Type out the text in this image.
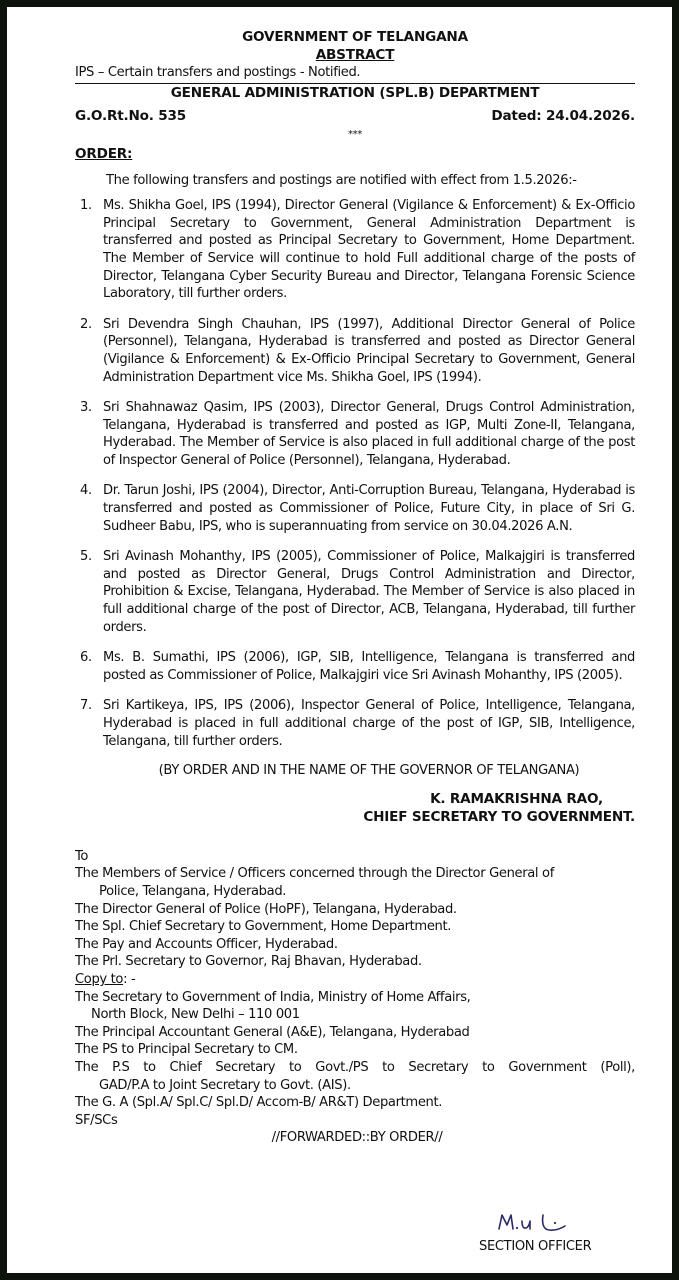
GOVERNMENT OF TELANGANA
ABSTRACT
IPS – Certain transfers and postings - Notified.
GENERAL ADMINISTRATION (SPL.B) DEPARTMENT
G.O.Rt.No. 535	Dated: 24.04.2026.
***
ORDER:
The following transfers and postings are notified with effect from 1.5.2026:-
1. Ms. Shikha Goel, IPS (1994), Director General (Vigilance & Enforcement) & Ex-Officio Principal Secretary to Government, General Administration Department is transferred and posted as Principal Secretary to Government, Home Department. The Member of Service will continue to hold Full additional charge of the posts of Director, Telangana Cyber Security Bureau and Director, Telangana Forensic Science Laboratory, till further orders.
2. Sri Devendra Singh Chauhan, IPS (1997), Additional Director General of Police (Personnel), Telangana, Hyderabad is transferred and posted as Director General (Vigilance & Enforcement) & Ex-Officio Principal Secretary to Government, General Administration Department vice Ms. Shikha Goel, IPS (1994).
3. Sri Shahnawaz Qasim, IPS (2003), Director General, Drugs Control Administration, Telangana, Hyderabad is transferred and posted as IGP, Multi Zone-II, Telangana, Hyderabad. The Member of Service is also placed in full additional charge of the post of Inspector General of Police (Personnel), Telangana, Hyderabad.
4. Dr. Tarun Joshi, IPS (2004), Director, Anti-Corruption Bureau, Telangana, Hyderabad is transferred and posted as Commissioner of Police, Future City, in place of Sri G. Sudheer Babu, IPS, who is superannuating from service on 30.04.2026 A.N.
5. Sri Avinash Mohanthy, IPS (2005), Commissioner of Police, Malkajgiri is transferred and posted as Director General, Drugs Control Administration and Director, Prohibition & Excise, Telangana, Hyderabad. The Member of Service is also placed in full additional charge of the post of Director, ACB, Telangana, Hyderabad, till further orders.
6. Ms. B. Sumathi, IPS (2006), IGP, SIB, Intelligence, Telangana is transferred and posted as Commissioner of Police, Malkajgiri vice Sri Avinash Mohanthy, IPS (2005).
7. Sri Kartikeya, IPS, IPS (2006), Inspector General of Police, Intelligence, Telangana, Hyderabad is placed in full additional charge of the post of IGP, SIB, Intelligence, Telangana, till further orders.
(BY ORDER AND IN THE NAME OF THE GOVERNOR OF TELANGANA)
K. RAMAKRISHNA RAO,
CHIEF SECRETARY TO GOVERNMENT.
To
The Members of Service / Officers concerned through the Director General of
Police, Telangana, Hyderabad.
The Director General of Police (HoPF), Telangana, Hyderabad.
The Spl. Chief Secretary to Government, Home Department.
The Pay and Accounts Officer, Hyderabad.
The Prl. Secretary to Governor, Raj Bhavan, Hyderabad.
Copy to: -
The Secretary to Government of India, Ministry of Home Affairs,
North Block, New Delhi – 110 001
The Principal Accountant General (A&E), Telangana, Hyderabad
The PS to Principal Secretary to CM.
The P.S to Chief Secretary to Govt./PS to Secretary to Government (Poll),
GAD/P.A to Joint Secretary to Govt. (AIS).
The G. A (Spl.A/ Spl.C/ Spl.D/ Accom-B/ AR&T) Department.
SF/SCs
//FORWARDED::BY ORDER//
SECTION OFFICER
